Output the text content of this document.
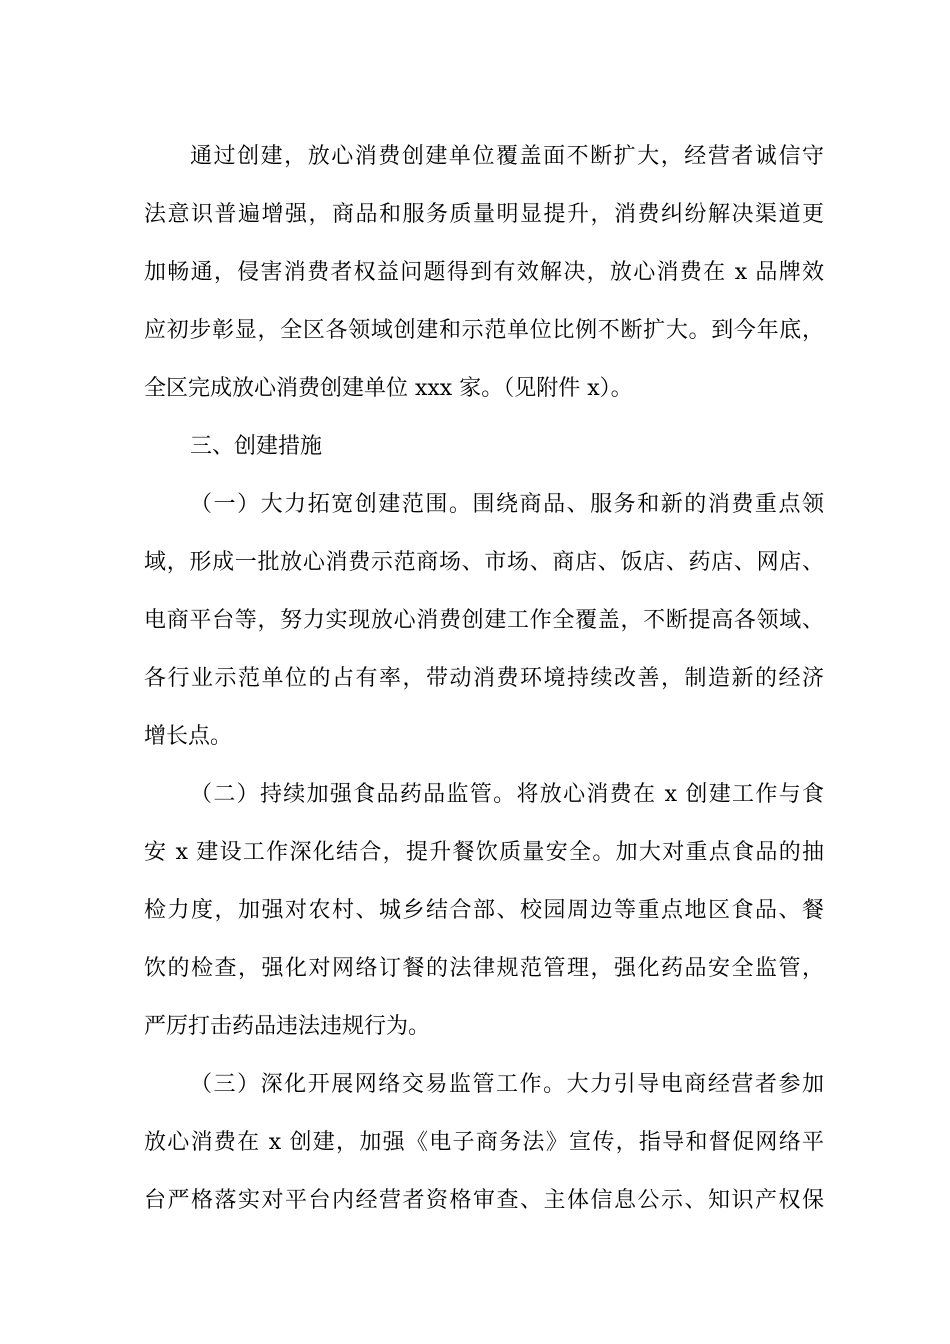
通过创建，放心消费创建单位覆盖面不断扩大，经营者诚信守
法意识普遍增强，商品和服务质量明显提升，消费纠纷解决渠道更
加畅通，侵害消费者权益问题得到有效解决，放心消费在 x 品牌效
应初步彰显，全区各领域创建和示范单位比例不断扩大。到今年底，
全区完成放心消费创建单位 xxx 家。（见附件 x）。
三、创建措施
（一）大力拓宽创建范围。围绕商品、服务和新的消费重点领
域，形成一批放心消费示范商场、市场、商店、饭店、药店、网店、
电商平台等，努力实现放心消费创建工作全覆盖，不断提高各领域、
各行业示范单位的占有率，带动消费环境持续改善，制造新的经济
增长点。
（二）持续加强食品药品监管。将放心消费在 x 创建工作与食
安 x 建设工作深化结合，提升餐饮质量安全。加大对重点食品的抽
检力度，加强对农村、城乡结合部、校园周边等重点地区食品、餐
饮的检查，强化对网络订餐的法律规范管理，强化药品安全监管，
严厉打击药品违法违规行为。
（三）深化开展网络交易监管工作。大力引导电商经营者参加
放心消费在 x 创建，加强《电子商务法》宣传，指导和督促网络平
台严格落实对平台内经营者资格审查、主体信息公示、知识产权保
